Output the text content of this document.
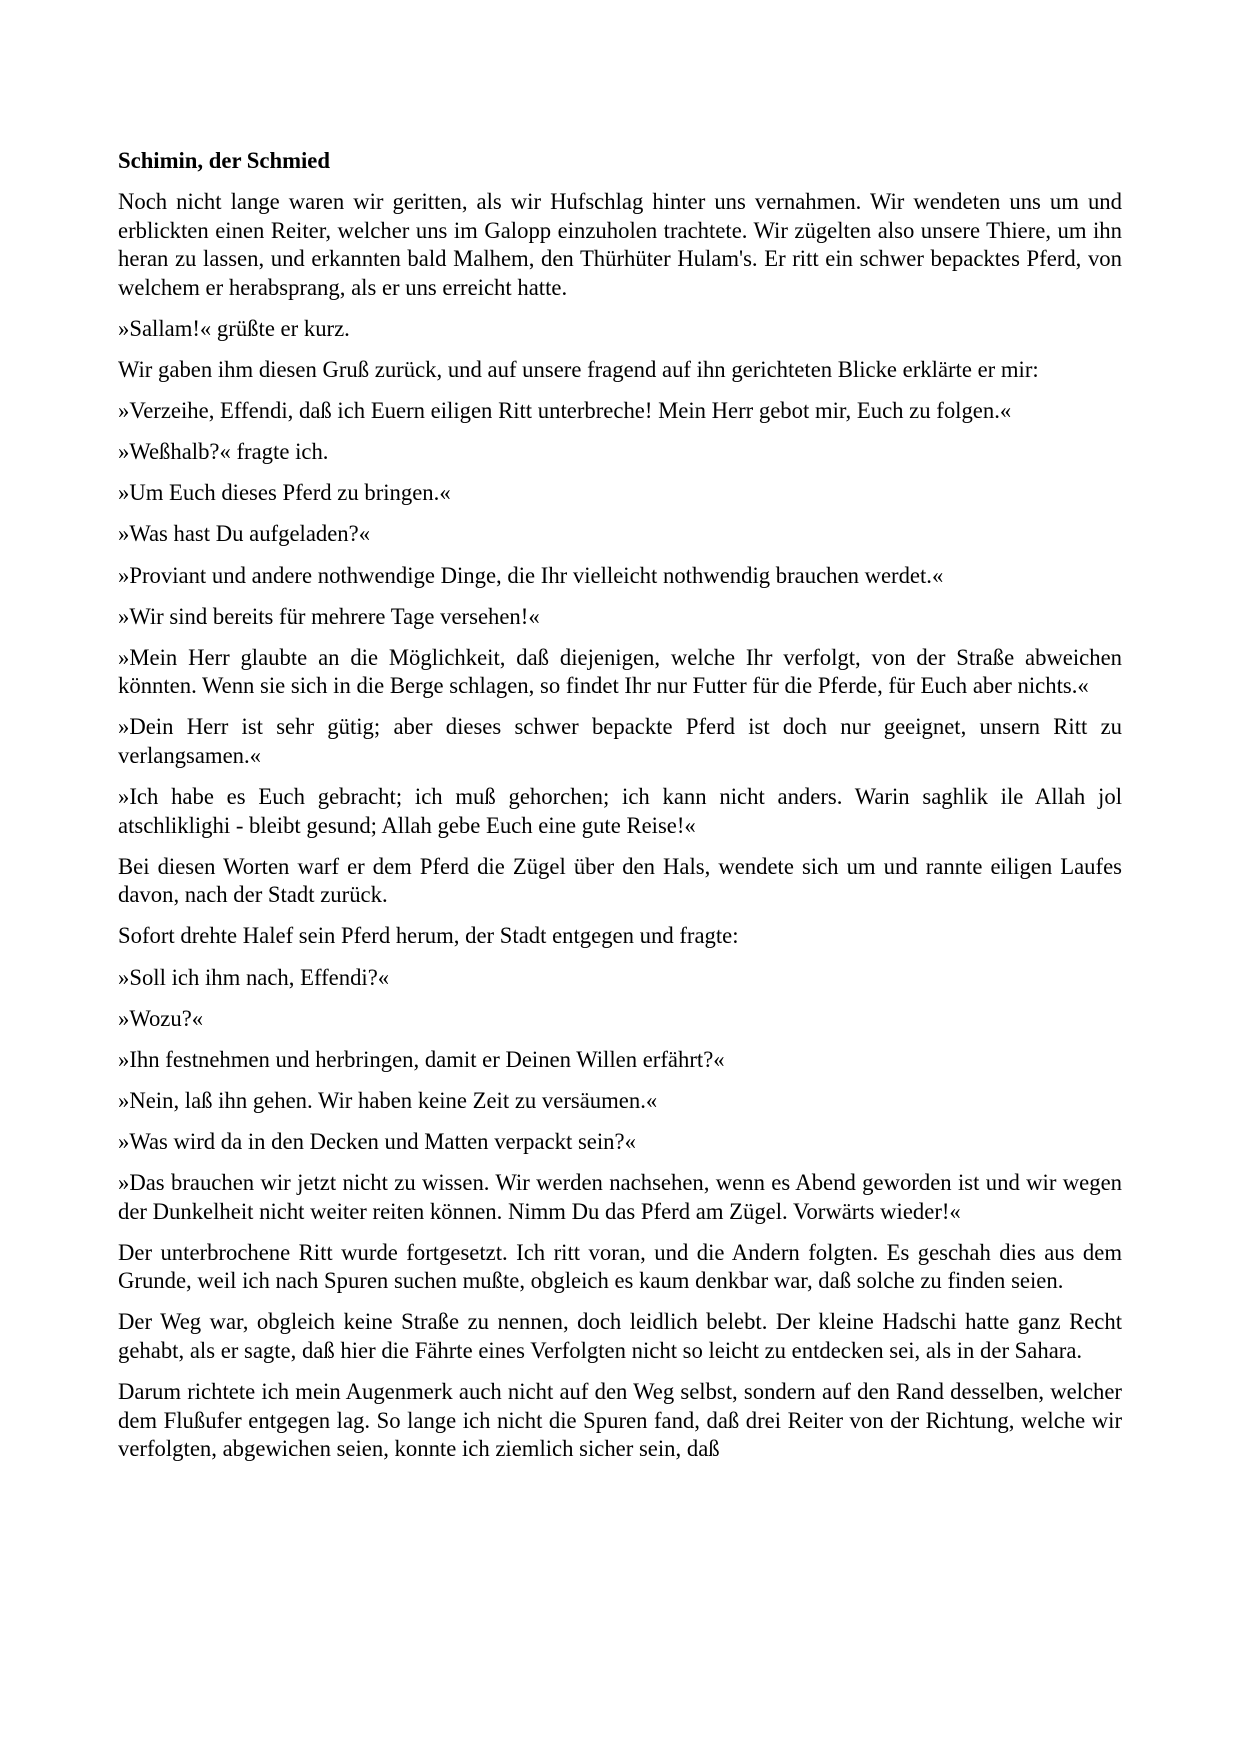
Schimin, der Schmied

Noch nicht lange waren wir geritten, als wir Hufschlag hinter uns vernahmen. Wir wendeten uns um und erblickten einen Reiter, welcher uns im Galopp einzuholen trachtete. Wir zügelten also unsere Thiere, um ihn heran zu lassen, und erkannten bald Malhem, den Thürhüter Hulam's. Er ritt ein schwer bepacktes Pferd, von welchem er herabsprang, als er uns erreicht hatte.

»Sallam!« grüßte er kurz.

Wir gaben ihm diesen Gruß zurück, und auf unsere fragend auf ihn gerichteten Blicke erklärte er mir:

»Verzeihe, Effendi, daß ich Euern eiligen Ritt unterbreche! Mein Herr gebot mir, Euch zu folgen.«

»Weßhalb?« fragte ich.

»Um Euch dieses Pferd zu bringen.«

»Was hast Du aufgeladen?«

»Proviant und andere nothwendige Dinge, die Ihr vielleicht nothwendig brauchen werdet.«

»Wir sind bereits für mehrere Tage versehen!«

»Mein Herr glaubte an die Möglichkeit, daß diejenigen, welche Ihr verfolgt, von der Straße abweichen könnten. Wenn sie sich in die Berge schlagen, so findet Ihr nur Futter für die Pferde, für Euch aber nichts.«

»Dein Herr ist sehr gütig; aber dieses schwer bepackte Pferd ist doch nur geeignet, unsern Ritt zu verlangsamen.«

»Ich habe es Euch gebracht; ich muß gehorchen; ich kann nicht anders. Warin saghlik ile Allah jol atschliklighi - bleibt gesund; Allah gebe Euch eine gute Reise!«

Bei diesen Worten warf er dem Pferd die Zügel über den Hals, wendete sich um und rannte eiligen Laufes davon, nach der Stadt zurück.

Sofort drehte Halef sein Pferd herum, der Stadt entgegen und fragte:

»Soll ich ihm nach, Effendi?«

»Wozu?«

»Ihn festnehmen und herbringen, damit er Deinen Willen erfährt?«

»Nein, laß ihn gehen. Wir haben keine Zeit zu versäumen.«

»Was wird da in den Decken und Matten verpackt sein?«

»Das brauchen wir jetzt nicht zu wissen. Wir werden nachsehen, wenn es Abend geworden ist und wir wegen der Dunkelheit nicht weiter reiten können. Nimm Du das Pferd am Zügel. Vorwärts wieder!«

Der unterbrochene Ritt wurde fortgesetzt. Ich ritt voran, und die Andern folgten. Es geschah dies aus dem Grunde, weil ich nach Spuren suchen mußte, obgleich es kaum denkbar war, daß solche zu finden seien.

Der Weg war, obgleich keine Straße zu nennen, doch leidlich belebt. Der kleine Hadschi hatte ganz Recht gehabt, als er sagte, daß hier die Fährte eines Verfolgten nicht so leicht zu entdecken sei, als in der Sahara.

Darum richtete ich mein Augenmerk auch nicht auf den Weg selbst, sondern auf den Rand desselben, welcher dem Flußufer entgegen lag. So lange ich nicht die Spuren fand, daß drei Reiter von der Richtung, welche wir verfolgten, abgewichen seien, konnte ich ziemlich sicher sein, daß
